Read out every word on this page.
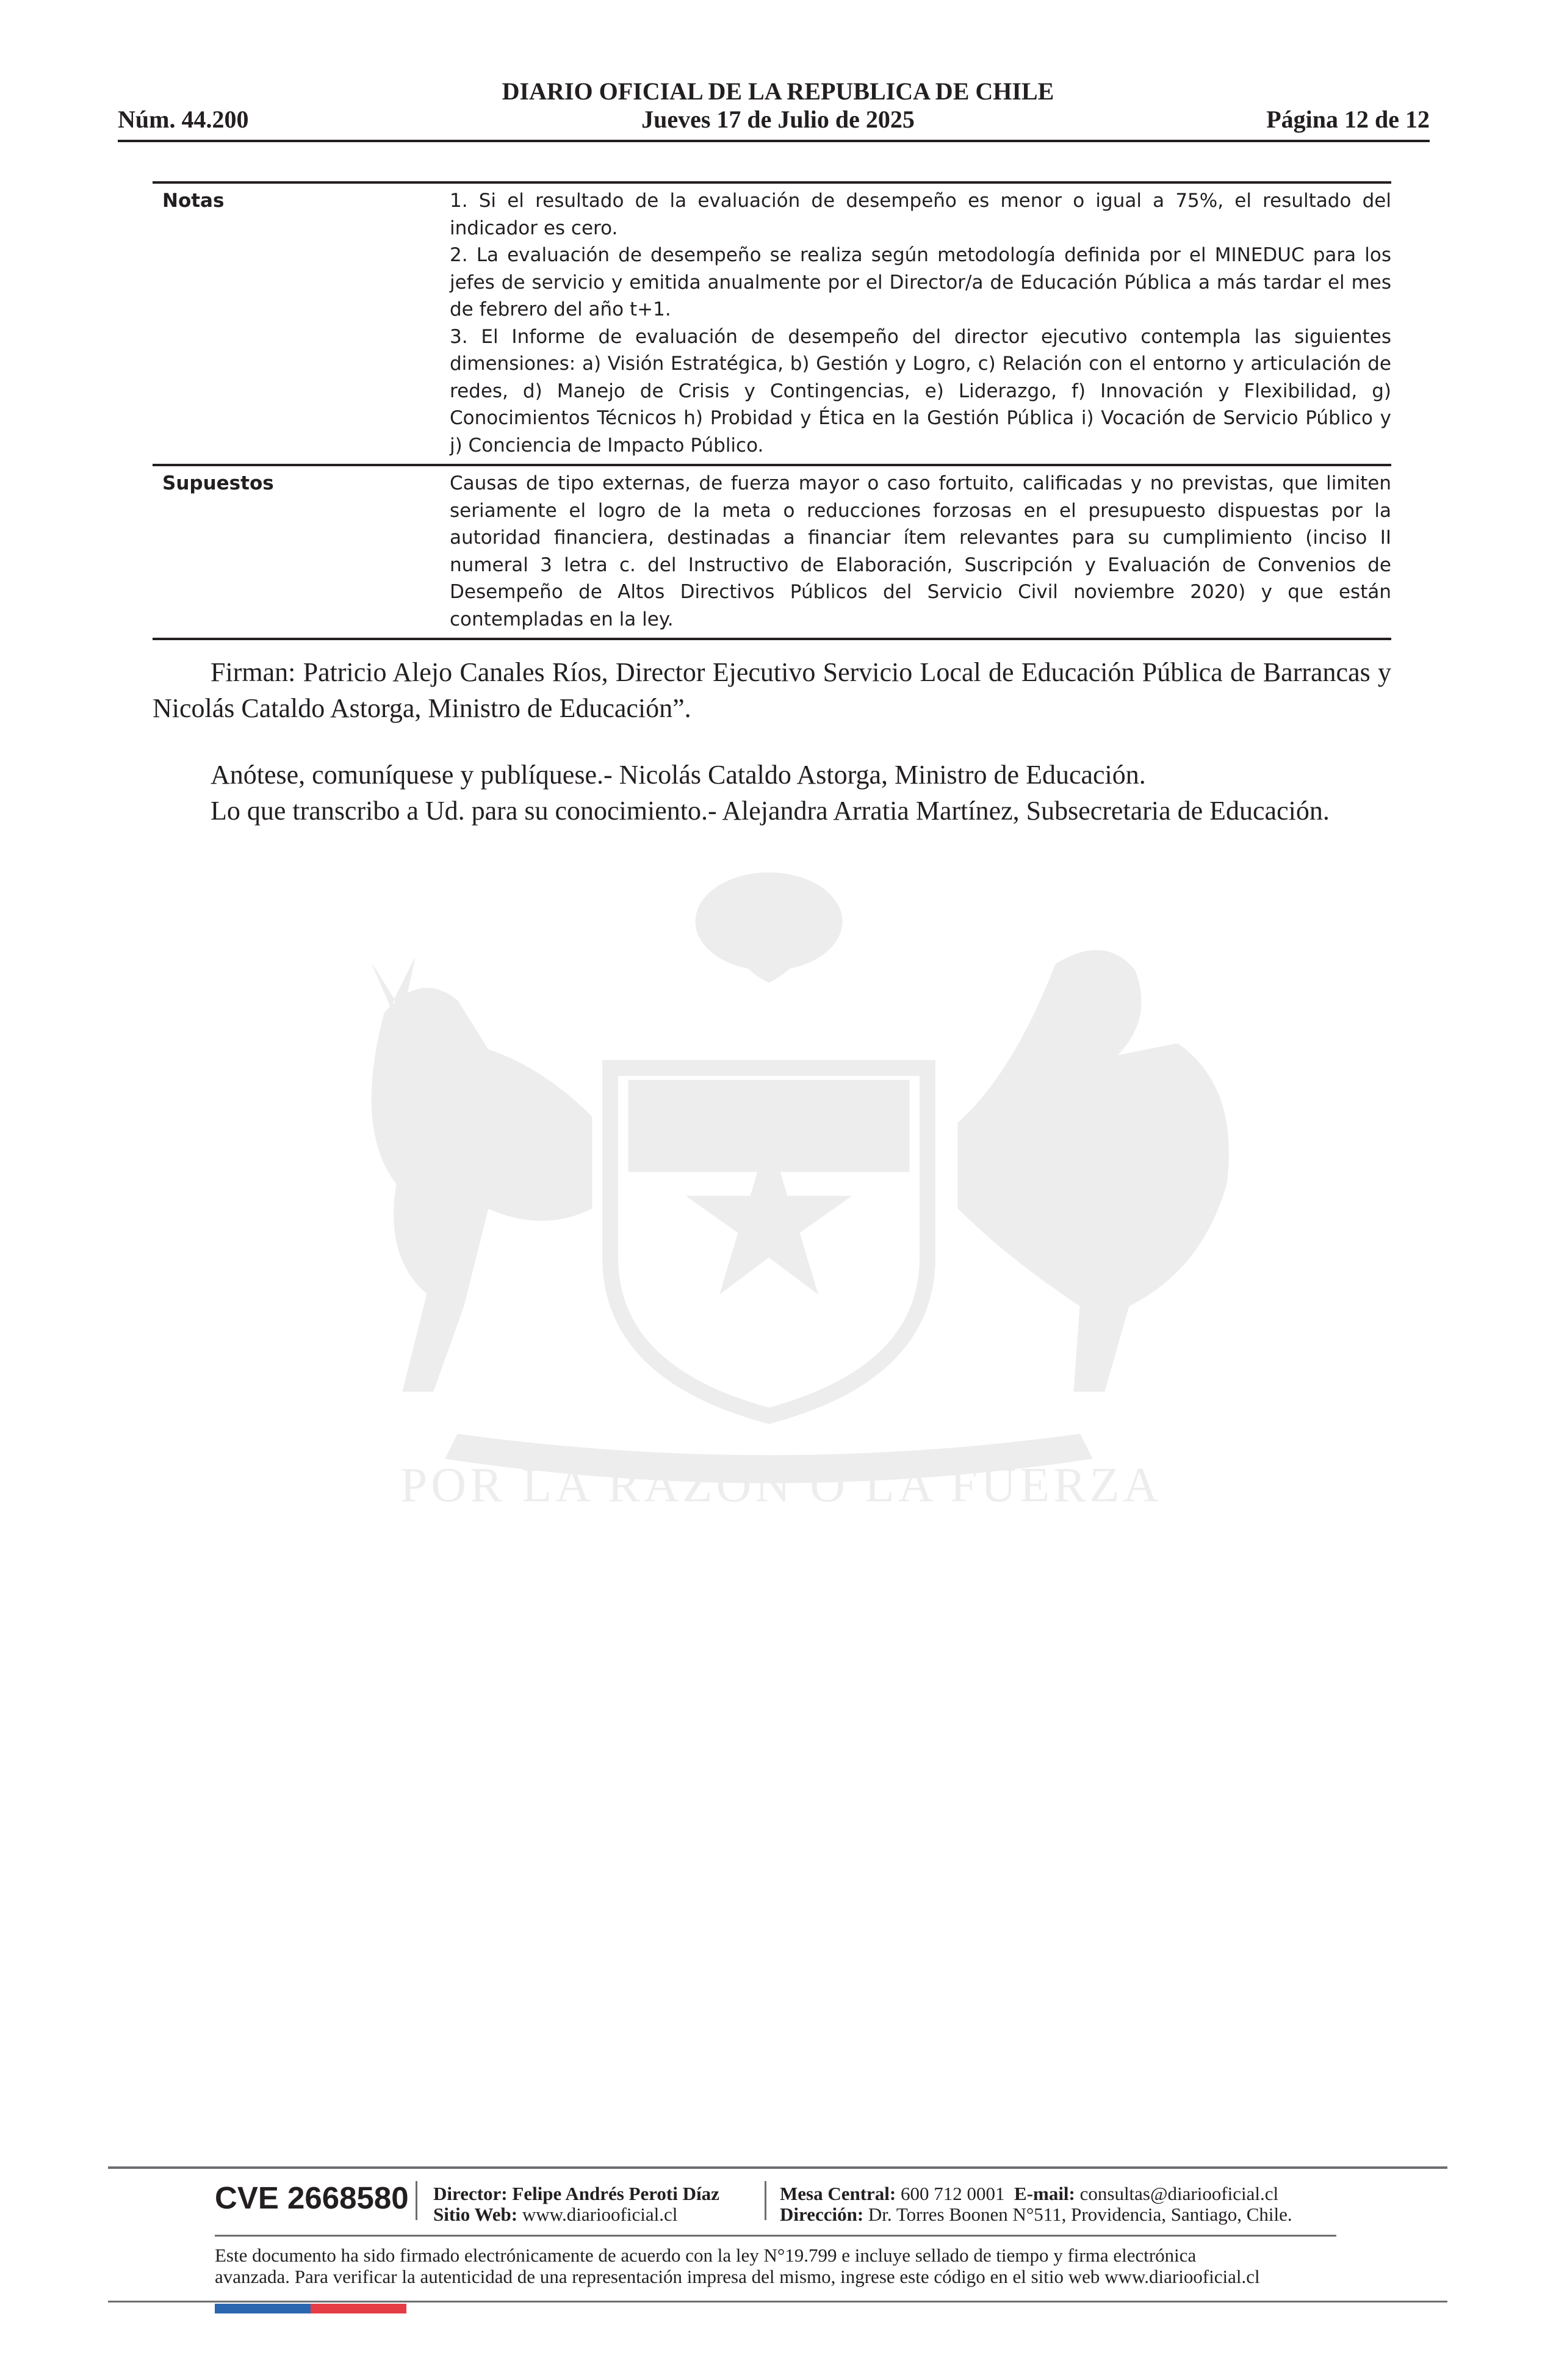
DIARIO OFICIAL DE LA REPUBLICA DE CHILE
Núm. 44.200	Jueves 17 de Julio de 2025	Página 12 de 12
POR LA RAZON O LA FUERZA
Notas	1. Si el resultado de la evaluación de desempeño es menor o igual a 75%, el resultado del indicador es cero.

2. La evaluación de desempeño se realiza según metodología definida por el MINEDUC para los jefes de servicio y emitida anualmente por el Director/a de Educación Pública a más tardar el mes de febrero del año t+1.

3. El Informe de evaluación de desempeño del director ejecutivo contempla las siguientes dimensiones: a) Visión Estratégica, b) Gestión y Logro, c) Relación con el entorno y articulación de redes, d) Manejo de Crisis y Contingencias, e) Liderazgo, f) Innovación y Flexibilidad, g) Conocimientos Técnicos h) Probidad y Ética en la Gestión Pública i) Vocación de Servicio Público y j) Conciencia de Impacto Público.

Supuestos	Causas de tipo externas, de fuerza mayor o caso fortuito, calificadas y no previstas, que limiten seriamente el logro de la meta o reducciones forzosas en el presupuesto dispuestas por la autoridad financiera, destinadas a financiar ítem relevantes para su cumplimiento (inciso II numeral 3 letra c. del Instructivo de Elaboración, Suscripción y Evaluación de Convenios de Desempeño de Altos Directivos Públicos del Servicio Civil noviembre 2020) y que están contempladas en la ley.
Firman: Patricio Alejo Canales Ríos, Director Ejecutivo Servicio Local de Educación Pública de Barrancas y Nicolás Cataldo Astorga, Ministro de Educación”.

Anótese, comuníquese y publíquese.- Nicolás Cataldo Astorga, Ministro de Educación.

Lo que transcribo a Ud. para su conocimiento.- Alejandra Arratia Martínez, Subsecretaria de Educación.

CVE 2668580 Director: Felipe Andrés Peroti Díaz
Sitio Web: www.diariooficial.cl
Mesa Central: 600 712 0001 E-mail: consultas@diariooficial.cl
Dirección: Dr. Torres Boonen N°511, Providencia, Santiago, Chile.
Este documento ha sido firmado electrónicamente de acuerdo con la ley N°19.799 e incluye sellado de tiempo y firma electrónica
avanzada. Para verificar la autenticidad de una representación impresa del mismo, ingrese este código en el sitio web www.diariooficial.cl
